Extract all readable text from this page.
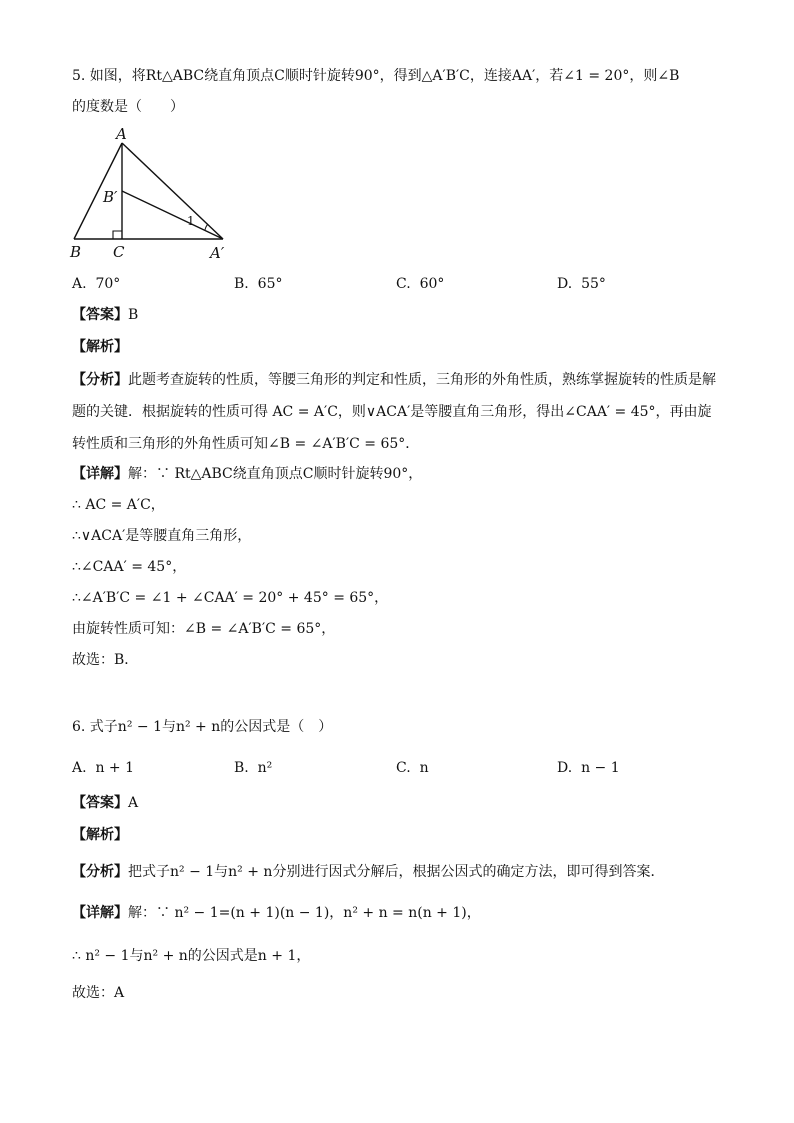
5. 如图，将Rt△ABC绕直角顶点C顺时针旋转90°，得到△A′B′C，连接AA′，若∠1 = 20°，则∠B
的度数是（　　）
A
B′
1
B C	A′
A. 70°	B. 65°	C. 60°	D. 55°
【答案】B
【解析】
【分析】此题考查旋转的性质，等腰三角形的判定和性质，三角形的外角性质，熟练掌握旋转的性质是解
题的关键．根据旋转的性质可得 AC = A′C，则∨ACA′是等腰直角三角形，得出∠CAA′ = 45°，再由旋
转性质和三角形的外角性质可知∠B = ∠A′B′C = 65°．
【详解】解：∵ Rt△ABC绕直角顶点C顺时针旋转90°，
∴ AC = A′C，
∴∨ACA′是等腰直角三角形，
∴∠CAA′ = 45°，
∴∠A′B′C = ∠1 + ∠CAA′ = 20° + 45° = 65°，
由旋转性质可知：∠B = ∠A′B′C = 65°，
故选：B．
6. 式子n² − 1与n² + n的公因式是（　）
A. n + 1	B. n²	C. n	D. n − 1
【答案】A
【解析】
【分析】把式子n² − 1与n² + n分别进行因式分解后，根据公因式的确定方法，即可得到答案．
【详解】解：∵ n² − 1=(n + 1)(n − 1)，n² + n = n(n + 1)，
∴ n² − 1与n² + n的公因式是n + 1，
故选：A
